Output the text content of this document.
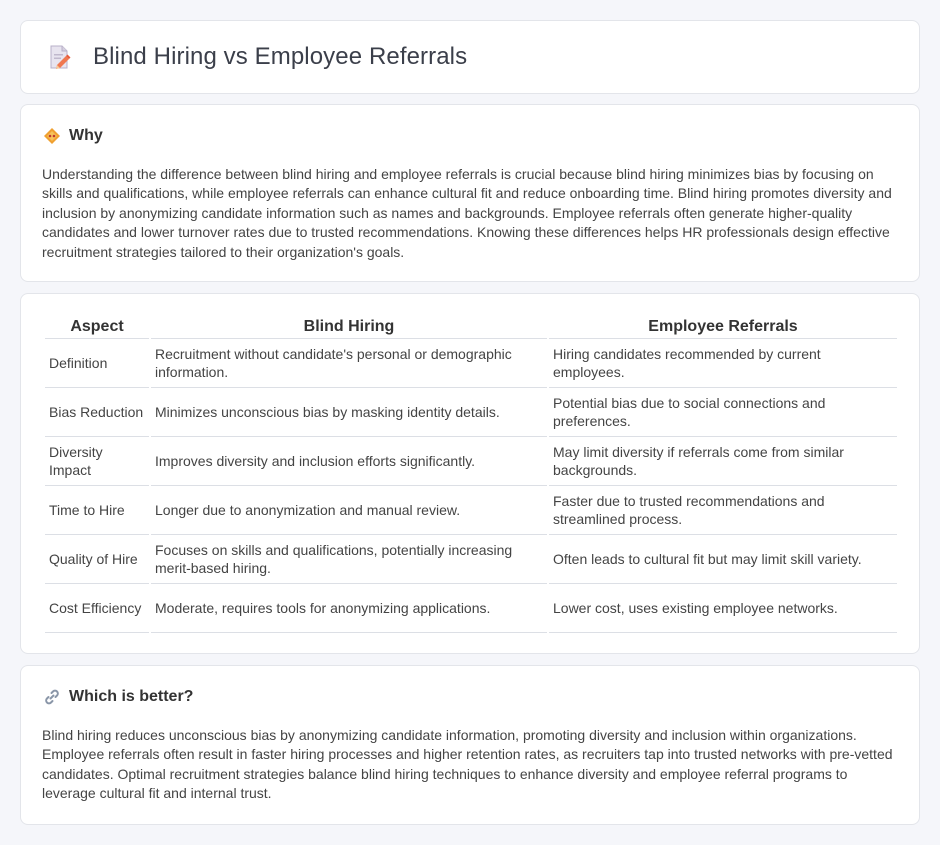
Blind Hiring vs Employee Referrals
Why

Understanding the difference between blind hiring and employee referrals is crucial because blind hiring minimizes bias by focusing on skills and qualifications, while employee referrals can enhance cultural fit and reduce onboarding time. Blind hiring promotes diversity and inclusion by anonymizing candidate information such as names and backgrounds. Employee referrals often generate higher-quality candidates and lower turnover rates due to trusted recommendations. Knowing these differences helps HR professionals design effective recruitment strategies tailored to their organization's goals.

Aspect	Blind Hiring	Employee Referrals
Definition	Recruitment without candidate's personal or demographic information.	Hiring candidates recommended by current employees.
Bias Reduction	Minimizes unconscious bias by masking identity details.	Potential bias due to social connections and preferences.
Diversity Impact	Improves diversity and inclusion efforts significantly.	May limit diversity if referrals come from similar backgrounds.
Time to Hire	Longer due to anonymization and manual review.	Faster due to trusted recommendations and streamlined process.
Quality of Hire	Focuses on skills and qualifications, potentially increasing merit-based hiring.	Often leads to cultural fit but may limit skill variety.
Cost Efficiency	Moderate, requires tools for anonymizing applications.	Lower cost, uses existing employee networks.
Which is better?

Blind hiring reduces unconscious bias by anonymizing candidate information, promoting diversity and inclusion within organizations. Employee referrals often result in faster hiring processes and higher retention rates, as recruiters tap into trusted networks with pre-vetted candidates. Optimal recruitment strategies balance blind hiring techniques to enhance diversity and employee referral programs to leverage cultural fit and internal trust.
